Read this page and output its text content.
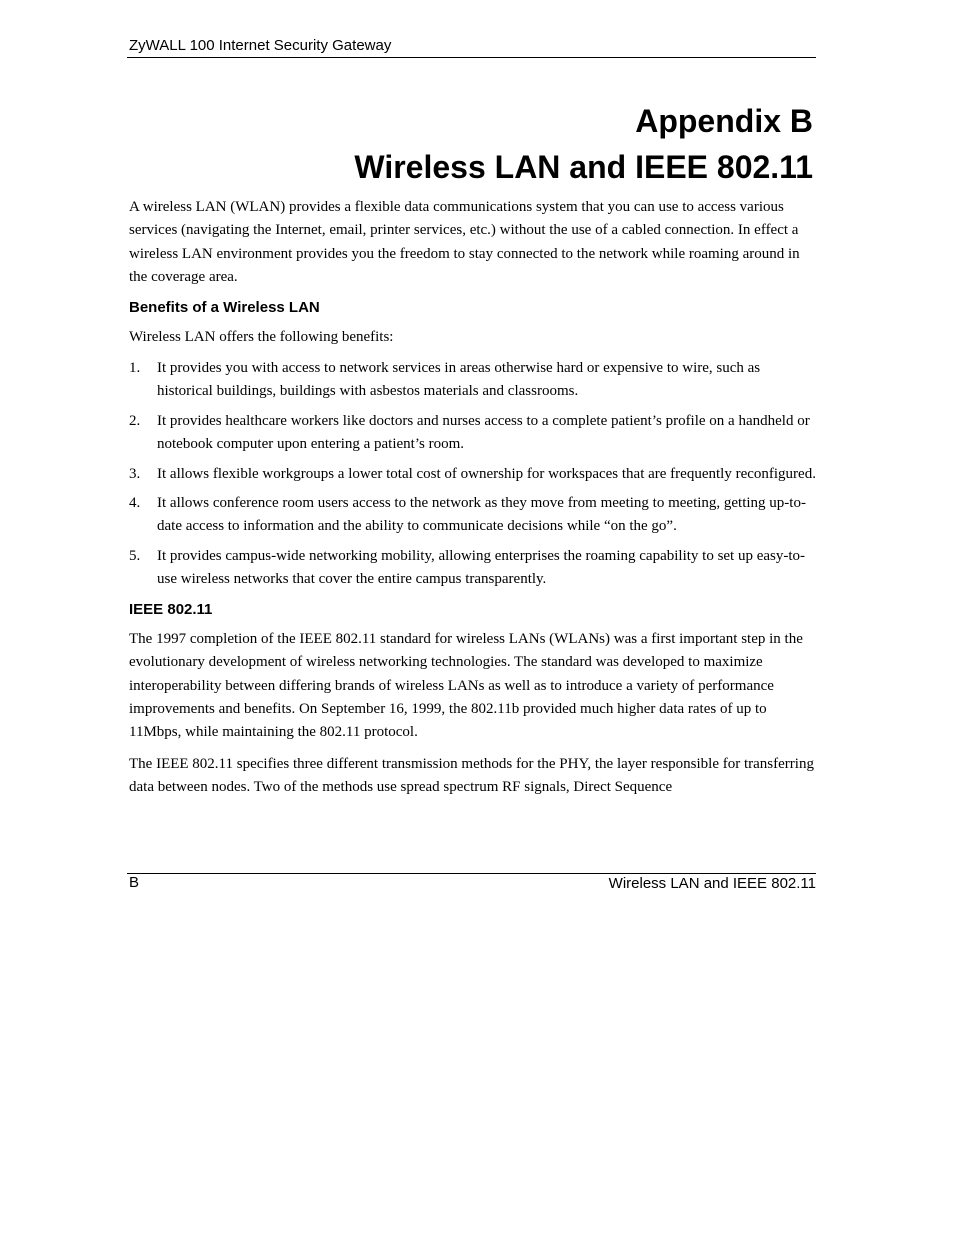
ZyWALL 100 Internet Security Gateway
Appendix B
Wireless LAN and IEEE 802.11

A wireless LAN (WLAN) provides a flexible data communications system that you can use to access various services (navigating the Internet, email, printer services, etc.) without the use of a cabled connection. In effect a wireless LAN environment provides you the freedom to stay connected to the network while roaming around in the coverage area.

Benefits of a Wireless LAN

Wireless LAN offers the following benefits:

1.	It provides you with access to network services in areas otherwise hard or expensive to wire, such as historical buildings, buildings with asbestos materials and classrooms.
2.	It provides healthcare workers like doctors and nurses access to a complete patient’s profile on a handheld or notebook computer upon entering a patient’s room.
3.	It allows flexible workgroups a lower total cost of ownership for workspaces that are frequently reconfigured.
4.	It allows conference room users access to the network as they move from meeting to meeting, getting up-to-date access to information and the ability to communicate decisions while “on the go”.
5.	It provides campus-wide networking mobility, allowing enterprises the roaming capability to set up easy-to-use wireless networks that cover the entire campus transparently.
IEEE 802.11

The 1997 completion of the IEEE 802.11 standard for wireless LANs (WLANs) was a first important step in the evolutionary development of wireless networking technologies. The standard was developed to maximize interoperability between differing brands of wireless LANs as well as to introduce a variety of performance improvements and benefits. On September 16, 1999, the 802.11b provided much higher data rates of up to 11Mbps, while maintaining the 802.11 protocol.

The IEEE 802.11 specifies three different transmission methods for the PHY, the layer responsible for transferring data between nodes. Two of the methods use spread spectrum RF signals, Direct Sequence

B	Wireless LAN and IEEE 802.11
